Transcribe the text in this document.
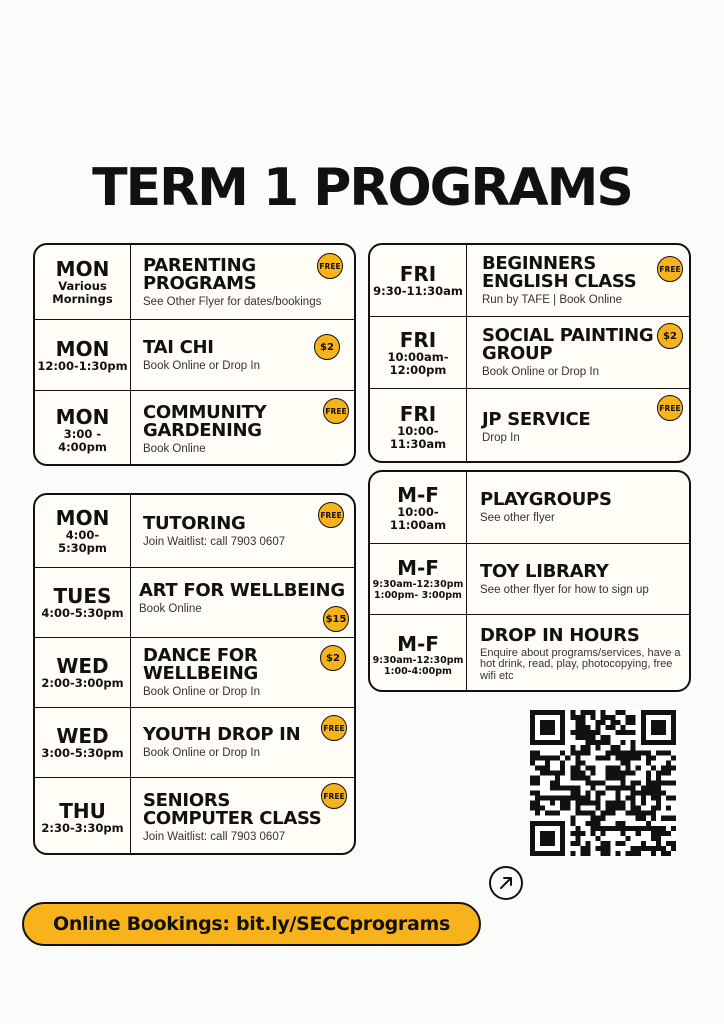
TERM 1 PROGRAMS
MON
Various Mornings
PARENTING PROGRAMS
See Other Flyer for dates/bookings
FREE
MON
12:00-1:30pm
TAI CHI
Book Online or Drop In
$2
MON
3:00 - 4:00pm
COMMUNITY GARDENING
Book Online
FREE
FRI
9:30-11:30am
BEGINNERS ENGLISH CLASS
Run by TAFE | Book Online
FREE
FRI
10:00am- 12:00pm
SOCIAL PAINTING GROUP
Book Online or Drop In
$2
FRI
10:00- 11:30am
JP SERVICE
Drop In
FREE
MON
4:00- 5:30pm
TUTORING
Join Waitlist: call 7903 0607
FREE
TUES
4:00-5:30pm
ART FOR WELLBEING
Book Online
$15
WED
2:00-3:00pm
DANCE FOR WELLBEING
Book Online or Drop In
$2
WED
3:00-5:30pm
YOUTH DROP IN
Book Online or Drop In
FREE
THU
2:30-3:30pm
SENIORS COMPUTER CLASS
Join Waitlist: call 7903 0607
FREE
M-F
10:00- 11:00am
PLAYGROUPS
See other flyer
M-F
9:30am-12:30pm 1:00pm- 3:00pm
TOY LIBRARY
See other flyer for how to sign up
M-F
9:30am-12:30pm 1:00-4:00pm
DROP IN HOURS
Enquire about programs/services, have a hot drink, read, play, photocopying, free wifi etc
Online Bookings: bit.ly/SECCprograms
